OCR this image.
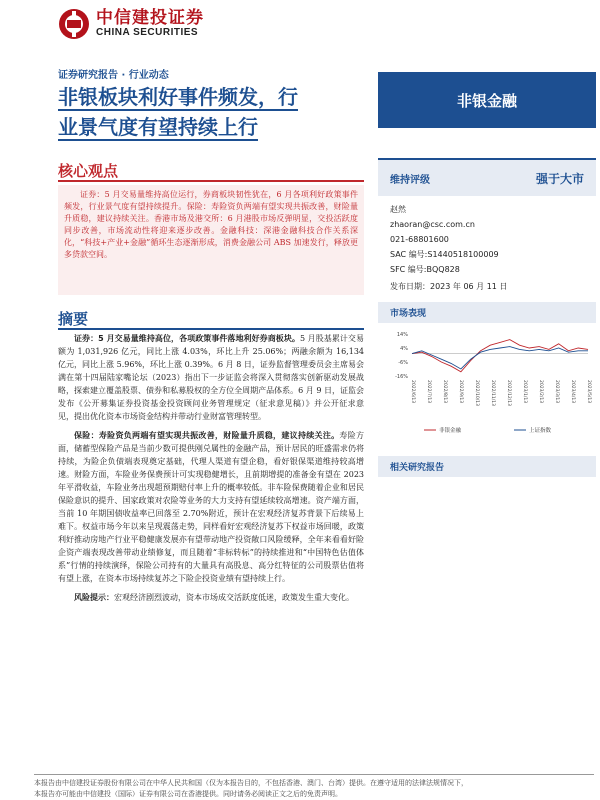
中信建投证券
CHINA SECURITIES
证券研究报告 · 行业动态
非银板块利好事件频发，行
业景气度有望持续上行
非银金融
核心观点

证券：5 月交易量维持高位运行，券商板块韧性犹在，6 月各项利好政策事件频发，行业景气度有望持续提升。保险：寿险资负两端有望实现共振改善，财险量升质稳，建议持续关注。香港市场及港交所：6 月港股市场反弹明显，交投活跃度同步改善，市场流动性将迎来逐步改善。金融科技：深港金融科技合作关系深化，“科技+产业+金融”循环生态逐渐形成，消费金融公司 ABS 加速发行，释放更多贷款空间。

摘要

证券：5 月交易量维持高位，各项政策事件落地利好券商板块。5 月股基累计交易额为 1,031,926 亿元，同比上涨 4.03%，环比上升 25.06%；两融余额为 16,134 亿元，同比上涨 5.96%，环比上涨 0.39%。6 月 8 日，证券监督管理委员会主席易会满在第十四届陆家嘴论坛（2023）指出下一步证监会将深入贯彻落实创新驱动发展战略，探索建立覆盖股票、债券和私募股权的全方位全周期产品体系。6 月 9 日，证监会发布《公开募集证券投资基金投资顾问业务管理规定（征求意见稿）》并公开征求意见，提出优化资本市场资金结构并带动行业财富管理转型。

保险：寿险资负两端有望实现共振改善，财险量升质稳，建议持续关注。寿险方面，储蓄型保险产品是当前少数可提供刚兑属性的金融产品，预计居民的旺盛需求仍将持续，为险企负债端表现奠定基础，代理人渠道有望企稳，看好银保渠道维持较高增速。财险方面，车险业务保费预计可实现稳健增长，且前期增提的准备金有望在 2023 年平滑收益，车险业务出现超预期赔付率上升的概率较低。非车险保费随着企业和居民保险意识的提升、国家政策对农险等业务的大力支持有望延续较高增速。资产端方面，当前 10 年期国债收益率已回落至 2.70%附近，预计在宏观经济复苏背景下后续易上难下。权益市场今年以来呈现震荡走势，同样看好宏观经济复苏下权益市场回暖，政策利好推动房地产行业平稳健康发展亦有望带动地产投资敞口风险缓释，全年来看看好险企资产端表现改善带动业绩修复，而且随着“非标转标”的持续推进和“中国特色估值体系”行情的持续演绎，保险公司持有的大量具有高股息、高分红特征的公司股票估值将有望上涨，在资本市场持续复苏之下险企投资业绩有望持续上行。

风险提示：宏观经济剧烈波动，资本市场成交活跃度低迷，政策发生重大变化。

维持评级	强于大市
赵然
zhaoran@csc.com.cn
021-68801600
SAC 编号:S1440518100009
SFC 编号:BQQ828
发布日期：2023 年 06 月 11 日
市场表现
14%
4%
-6%
-16%
2022/6/13 2022/7/13 2022/8/13 2022/9/13 2022/10/13 2022/11/13 2022/12/13 2023/1/13 2023/2/13 2023/3/13 2023/4/13 2023/5/13
非银金融	上证指数
相关研究报告
本报告由中信建投证券股份有限公司在中华人民共和国（仅为本报告目的，不包括香港、澳门、台湾）提供。在遵守适用的法律法规情况下，
本报告亦可能由中信建投（国际）证券有限公司在香港提供。同时请务必阅读正文之后的免责声明。
